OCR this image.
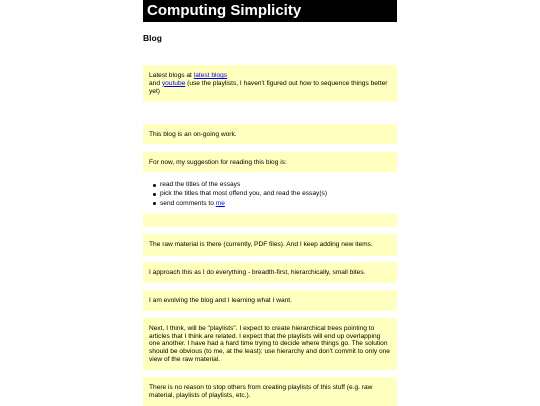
Computing Simplicity
Blog
Latest blogs at latest blogs
and youtube (use the playlists, I haven't figured out how to sequence things better yet)
This blog is an on-going work.
For now, my suggestion for reading this blog is:
read the titles of the essays
pick the titles that most offend you, and read the essay(s)
send comments to me
The raw material is there (currently, PDF files). And I keep adding new items.
I approach this as I do everything - breadth-first, hierarchically, small bites.
I am evolving the blog and I learning what I want.
Next, I think, will be "playlists". I expect to create hierarchical trees pointing to articles that I think are related. I expect that the playlists will end up overlapping one another. I have had a hard time trying to decide where things go. The solution should be obvious (to me, at the least): use hierarchy and don't commit to only one view of the raw material.
There is no reason to stop others from creating playlists of this stuff (e.g. raw material, playlists of playlists, etc.).
